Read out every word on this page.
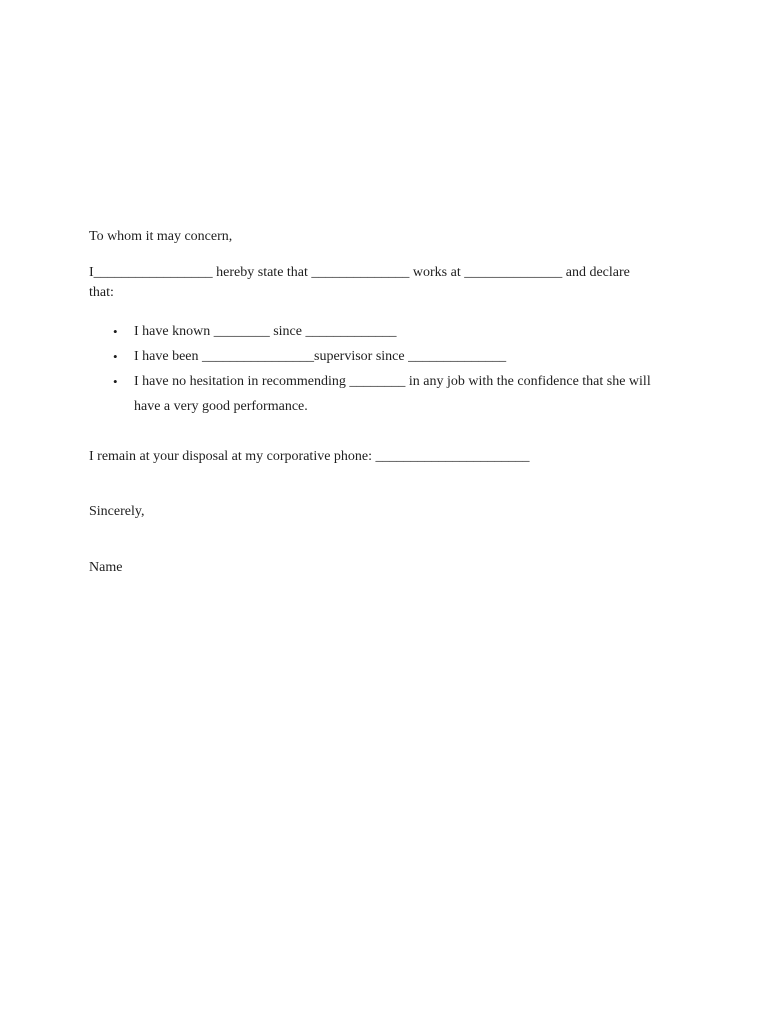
To whom it may concern,
I_________________ hereby state that ______________ works at ______________ and declare
that:
•	I have known ________ since _____________
•	I have been ________________supervisor since ______________
•	I have no hesitation in recommending ________ in any job with the confidence that she will
have a very good performance.
I remain at your disposal at my corporative phone: ______________________
Sincerely,
Name
